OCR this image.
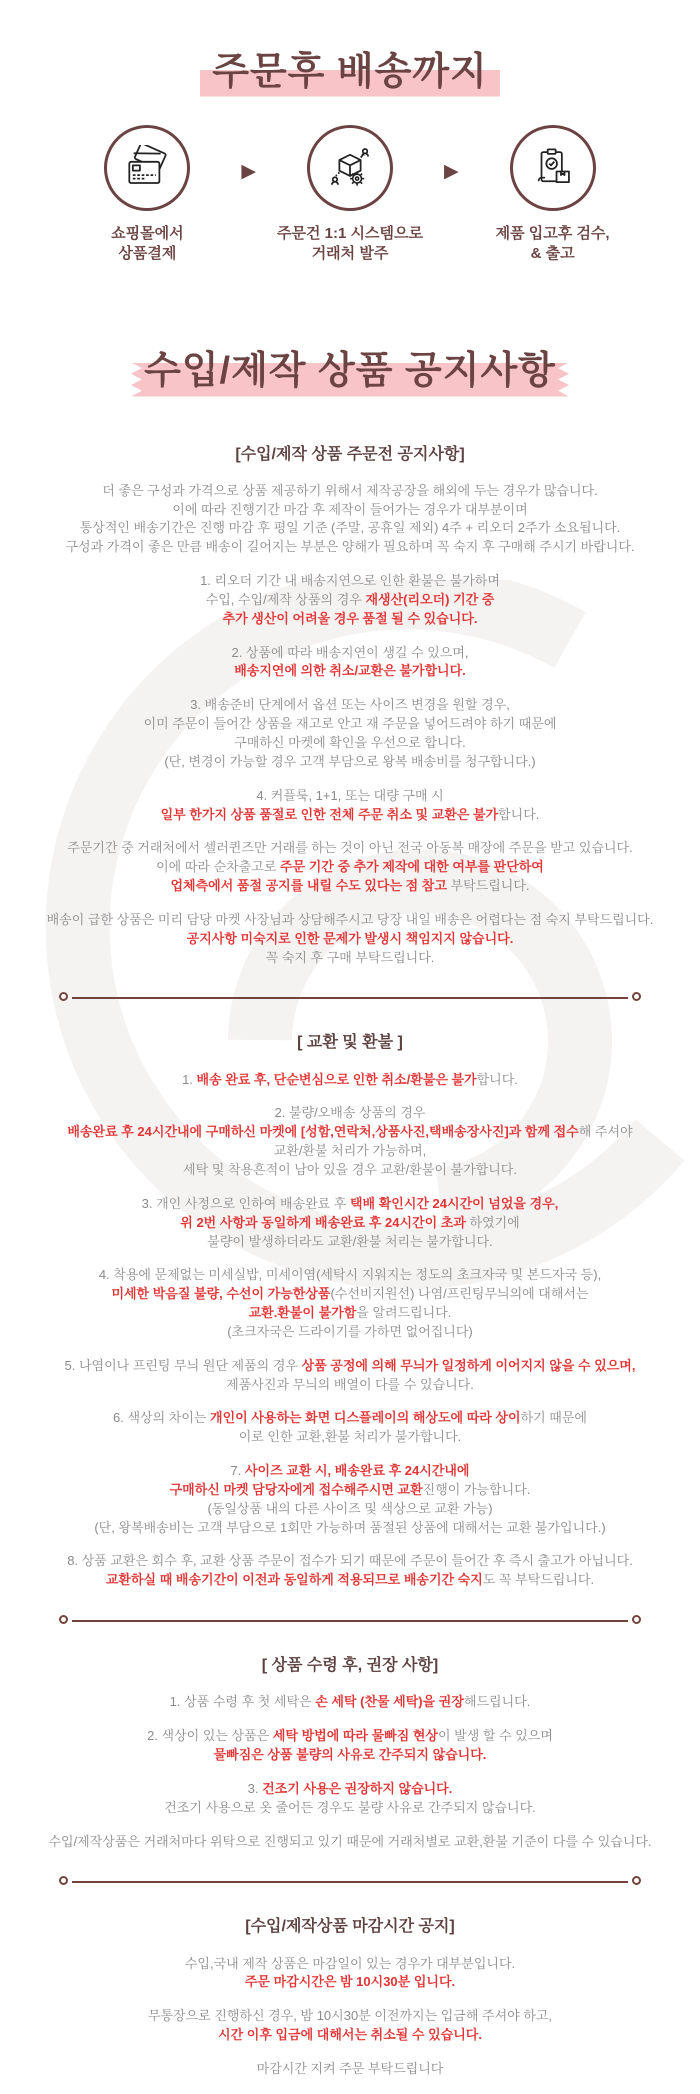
주문후 배송까지
쇼핑몰에서
상품결제
▶
주문건 1:1 시스템으로
거래처 발주
▶
제품 입고후 검수,
& 출고
수입/제작 상품 공지사항
[수입/제작 상품 주문전 공지사항]

더 좋은 구성과 가격으로 상품 제공하기 위해서 제작공장을 해외에 두는 경우가 많습니다.
이에 따라 진행기간 마감 후 제작이 들어가는 경우가 대부분이며
통상적인 배송기간은 진행 마감 후 평일 기준 (주말, 공휴일 제외) 4주 + 리오더 2주가 소요됩니다.
구성과 가격이 좋은 만큼 배송이 길어지는 부분은 양해가 필요하며 꼭 숙지 후 구매해 주시기 바랍니다.

1. 리오더 기간 내 배송지연으로 인한 환불은 불가하며
수입, 수입/제작 상품의 경우 재생산(리오더) 기간 중
추가 생산이 어려울 경우 품절 될 수 있습니다.

2. 상품에 따라 배송지연이 생길 수 있으며,
배송지연에 의한 취소/교환은 불가합니다.

3. 배송준비 단계에서 옵션 또는 사이즈 변경을 원할 경우,
이미 주문이 들어간 상품을 재고로 안고 재 주문을 넣어드려야 하기 때문에
구매하신 마켓에 확인을 우선으로 합니다.
(단, 변경이 가능할 경우 고객 부담으로 왕복 배송비를 청구합니다.)

4. 커플룩, 1+1, 또는 대량 구매 시
일부 한가지 상품 품절로 인한 전체 주문 취소 및 교환은 불가합니다.

주문기간 중 거래처에서 셀러퀸즈만 거래를 하는 것이 아닌 전국 아동복 매장에 주문을 받고 있습니다.
이에 따라 순차출고로 주문 기간 중 추가 제작에 대한 여부를 판단하여
업체측에서 품절 공지를 내릴 수도 있다는 점 참고 부탁드립니다.

배송이 급한 상품은 미리 담당 마켓 사장님과 상담해주시고 당장 내일 배송은 어렵다는 점 숙지 부탁드립니다.
공지사항 미숙지로 인한 문제가 발생시 책임지지 않습니다.
꼭 숙지 후 구매 부탁드립니다.

[ 교환 및 환불 ]

1. 배송 완료 후, 단순변심으로 인한 취소/환불은 불가합니다.

2. 불량/오배송 상품의 경우
배송완료 후 24시간내에 구매하신 마켓에 [성함,연락처,상품사진,택배송장사진]과 함께 접수해 주셔야
교환/환불 처리가 가능하며,
세탁 및 착용흔적이 남아 있을 경우 교환/환불이 불가합니다.

3. 개인 사정으로 인하여 배송완료 후 택배 확인시간 24시간이 넘었을 경우,
위 2번 사항과 동일하게 배송완료 후 24시간이 초과 하였기에
불량이 발생하더라도 교환/환불 처리는 불가합니다.

4. 착용에 문제없는 미세실밥, 미세이염(세탁시 지워지는 정도의 초크자국 및 본드자국 등),
미세한 박음질 불량, 수선이 가능한상품(수선비지원선) 나염/프린팅무늬의에 대해서는
교환.환불이 불가함을 알려드립니다.
(초크자국은 드라이기를 가하면 없어집니다)

5. 나염이나 프린팅 무늬 원단 제품의 경우 상품 공정에 의해 무늬가 일정하게 이어지지 않을 수 있으며,
제품사진과 무늬의 배열이 다를 수 있습니다.

6. 색상의 차이는 개인이 사용하는 화면 디스플레이의 해상도에 따라 상이하기 때문에
이로 인한 교환,환불 처리가 불가합니다.

7. 사이즈 교환 시, 배송완료 후 24시간내에
구매하신 마켓 담당자에게 접수해주시면 교환진행이 가능합니다.
(동일상품 내의 다른 사이즈 및 색상으로 교환 가능)
(단, 왕복배송비는 고객 부담으로 1회만 가능하며 품절된 상품에 대해서는 교환 불가입니다.)

8. 상품 교환은 회수 후, 교환 상품 주문이 접수가 되기 때문에 주문이 들어간 후 즉시 출고가 아닙니다.
교환하실 때 배송기간이 이전과 동일하게 적용되므로 배송기간 숙지도 꼭 부탁드립니다.

[ 상품 수령 후, 권장 사항]

1. 상품 수령 후 첫 세탁은 손 세탁 (찬물 세탁)을 권장해드립니다.

2. 색상이 있는 상품은 세탁 방법에 따라 물빠짐 현상이 발생 할 수 있으며
물빠짐은 상품 불량의 사유로 간주되지 않습니다.

3. 건조기 사용은 권장하지 않습니다.
건조기 사용으로 옷 줄어든 경우도 불량 사유로 간주되지 않습니다.

수입/제작상품은 거래처마다 위탁으로 진행되고 있기 때문에 거래처별로 교환,환불 기준이 다를 수 있습니다.

[수입/제작상품 마감시간 공지]

수입,국내 제작 상품은 마감일이 있는 경우가 대부분입니다.
주문 마감시간은 밤 10시30분 입니다.

무통장으로 진행하신 경우, 밤 10시30분 이전까지는 입금해 주셔야 하고,
시간 이후 입금에 대해서는 취소될 수 있습니다.

마감시간 지켜 주문 부탁드립니다
